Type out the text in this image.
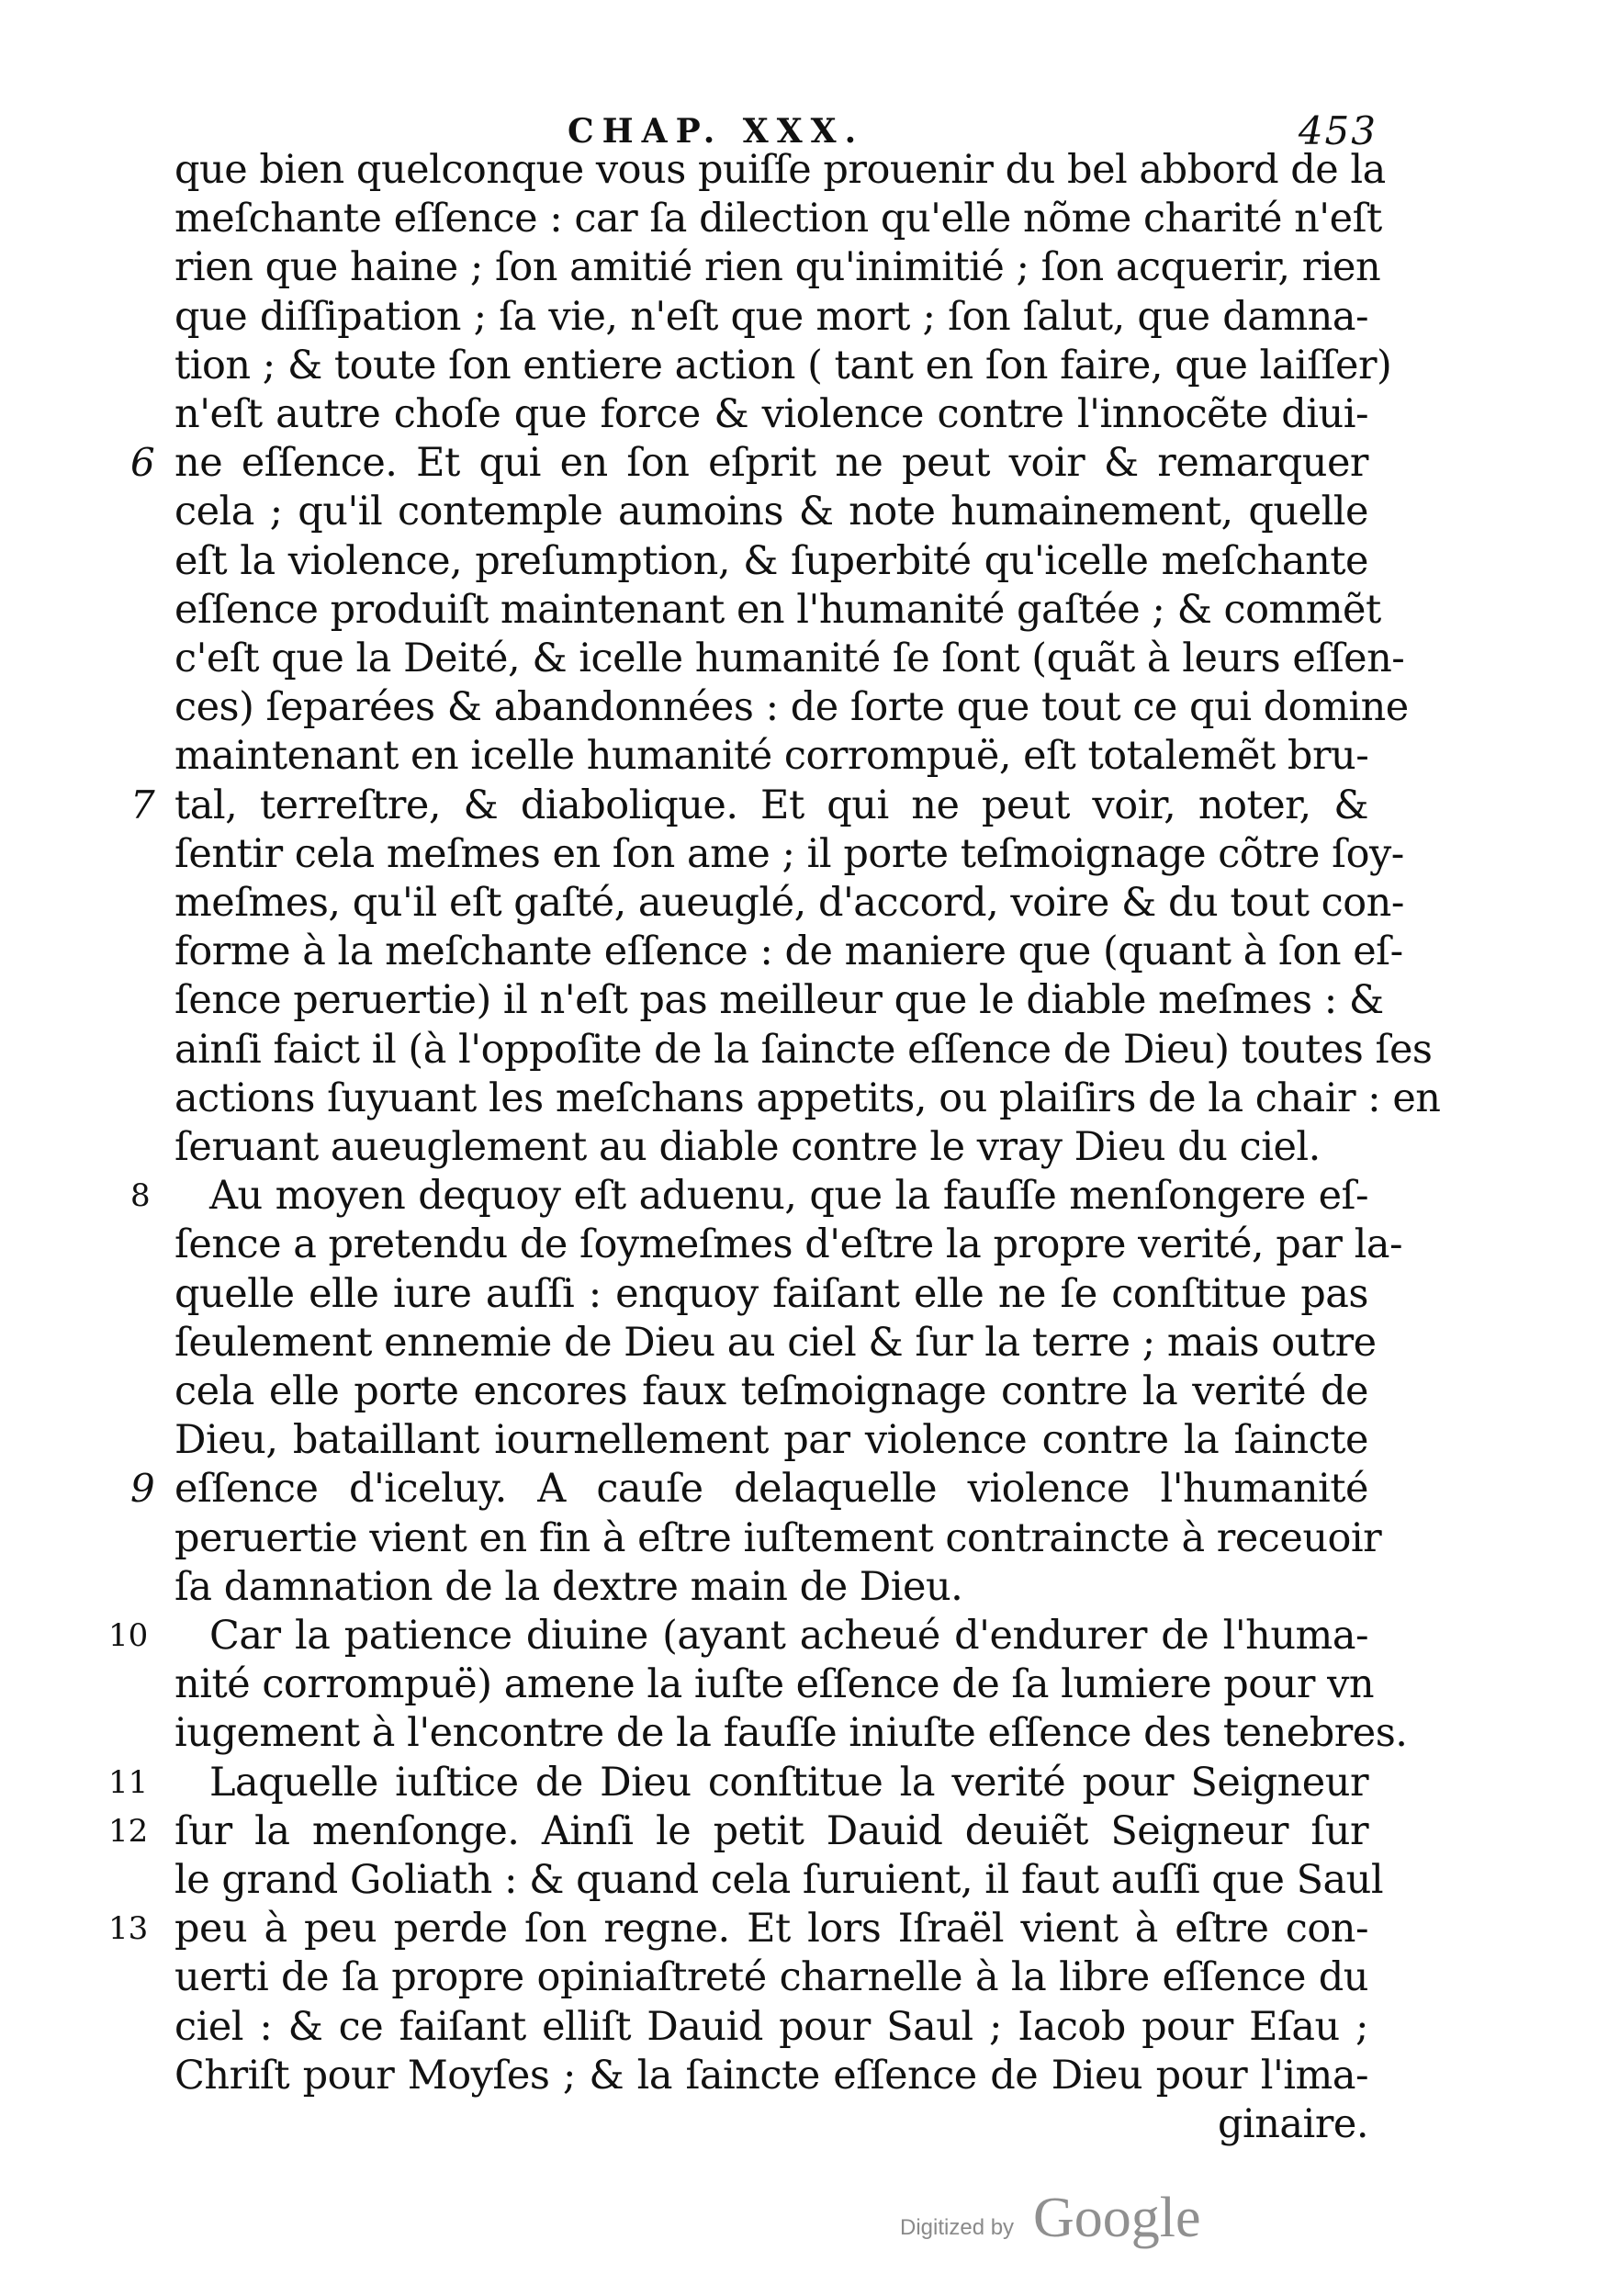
CHAP. XXX.	453
que bien quelconque vous puiſſe prouenir du bel abbord de la
meſchante eſſence : car ſa dilection qu'elle nõme charité n'eſt
rien que haine ; ſon amitié rien qu'inimitié ; ſon acquerir, rien
que diſſipation ; ſa vie, n'eſt que mort ; ſon ſalut, que damna-
tion ; & toute ſon entiere action ( tant en ſon faire, que laiſſer)
n'eſt autre choſe que force & violence contre l'innocẽte diui-
ne eſſence. Et qui en ſon eſprit ne peut voir & remarquer
6
cela ; qu'il contemple aumoins & note humainement, quelle
eſt la violence, preſumption, & ſuperbité qu'icelle meſchante
eſſence produiſt maintenant en l'humanité gaſtée ; & commẽt
c'eſt que la Deité, & icelle humanité ſe ſont (quãt à leurs eſſen-
ces) ſeparées & abandonnées : de ſorte que tout ce qui domine
maintenant en icelle humanité corrompuë, eſt totalemẽt bru-
tal, terreſtre, & diabolique. Et qui ne peut voir, noter, &
7
ſentir cela meſmes en ſon ame ; il porte teſmoignage cõtre ſoy-
meſmes, qu'il eſt gaſté, aueuglé, d'accord, voire & du tout con-
forme à la meſchante eſſence : de maniere que (quant à ſon eſ-
ſence peruertie) il n'eſt pas meilleur que le diable meſmes : &
ainſi faict il (à l'oppoſite de la ſaincte eſſence de Dieu) toutes ſes
actions ſuyuant les meſchans appetits, ou plaiſirs de la chair : en
ſeruant aueuglement au diable contre le vray Dieu du ciel.
Au moyen dequoy eſt aduenu, que la fauſſe menſongere eſ-
8
ſence a pretendu de ſoymeſmes d'eſtre la propre verité, par la-
quelle elle iure auſſi : enquoy faiſant elle ne ſe conſtitue pas
ſeulement ennemie de Dieu au ciel & ſur la terre ; mais outre
cela elle porte encores faux teſmoignage contre la verité de
Dieu, bataillant iournellement par violence contre la ſaincte
eſſence d'iceluy. A cauſe delaquelle violence l'humanité
9
peruertie vient en fin à eſtre iuſtement contraincte à receuoir
ſa damnation de la dextre main de Dieu.
Car la patience diuine (ayant acheué d'endurer de l'huma-
10
nité corrompuë) amene la iuſte eſſence de ſa lumiere pour vn
iugement à l'encontre de la fauſſe iniuſte eſſence des tenebres.
Laquelle iuſtice de Dieu conſtitue la verité pour Seigneur
11
ſur la menſonge. Ainſi le petit Dauid deuiẽt Seigneur ſur
12
le grand Goliath : & quand cela ſuruient, il faut auſſi que Saul
peu à peu perde ſon regne. Et lors Iſraël vient à eſtre con-
13
uerti de ſa propre opiniaſtreté charnelle à la libre eſſence du
ciel : & ce faiſant elliſt Dauid pour Saul ; Iacob pour Eſau ;
Chriſt pour Moyſes ; & la ſaincte eſſence de Dieu pour l'ima-
ginaire.
Digitized by Google
